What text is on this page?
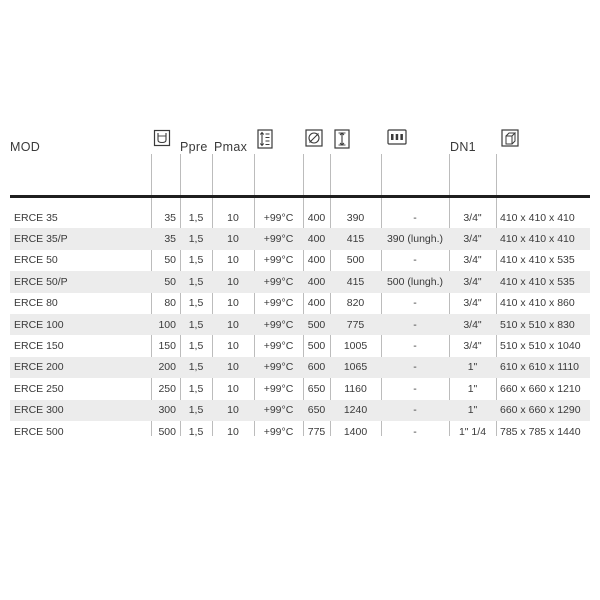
MOD	Ppre Pmax	DN1
ERCE 35	35	1,5	10	+99°C	400	390	-	3/4"	410 x 410 x 410
ERCE 35/P	35	1,5	10	+99°C	400	415	390 (lungh.)	3/4"	410 x 410 x 410
ERCE 50	50	1,5	10	+99°C	400	500	-	3/4"	410 x 410 x 535
ERCE 50/P	50	1,5	10	+99°C	400	415	500 (lungh.)	3/4"	410 x 410 x 535
ERCE 80	80	1,5	10	+99°C	400	820	-	3/4"	410 x 410 x 860
ERCE 100	100	1,5	10	+99°C	500	775	-	3/4"	510 x 510 x 830
ERCE 150	150	1,5	10	+99°C	500	1005	-	3/4"	510 x 510 x 1040
ERCE 200	200	1,5	10	+99°C	600	1065	-	1"	610 x 610 x 1110
ERCE 250	250	1,5	10	+99°C	650	1160	-	1"	660 x 660 x 1210
ERCE 300	300	1,5	10	+99°C	650	1240	-	1"	660 x 660 x 1290
ERCE 500	500	1,5	10	+99°C	775	1400	-	1" 1/4	785 x 785 x 1440
